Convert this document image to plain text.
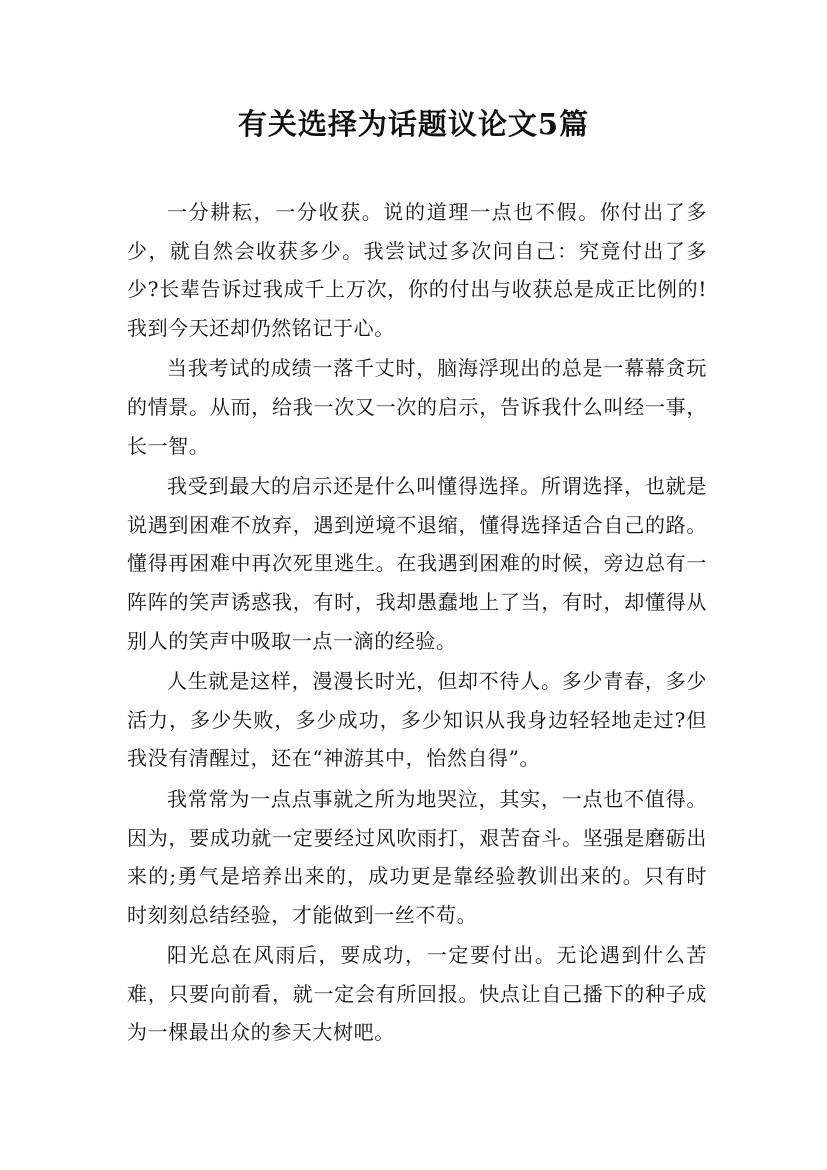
有关选择为话题议论文5篇

一分耕耘，一分收获。说的道理一点也不假。你付出了多少，就自然会收获多少。我尝试过多次问自己：究竟付出了多少?长辈告诉过我成千上万次，你的付出与收获总是成正比例的!我到今天还却仍然铭记于心。

当我考试的成绩一落千丈时，脑海浮现出的总是一幕幕贪玩的情景。从而，给我一次又一次的启示，告诉我什么叫经一事，长一智。

我受到最大的启示还是什么叫懂得选择。所谓选择，也就是说遇到困难不放弃，遇到逆境不退缩，懂得选择适合自己的路。懂得再困难中再次死里逃生。在我遇到困难的时候，旁边总有一阵阵的笑声诱惑我，有时，我却愚蠢地上了当，有时，却懂得从别人的笑声中吸取一点一滴的经验。

人生就是这样，漫漫长时光，但却不待人。多少青春，多少活力，多少失败，多少成功，多少知识从我身边轻轻地走过?但我没有清醒过，还在“神游其中，怡然自得”。

我常常为一点点事就之所为地哭泣，其实，一点也不值得。因为，要成功就一定要经过风吹雨打，艰苦奋斗。坚强是磨砺出来的;勇气是培养出来的，成功更是靠经验教训出来的。只有时时刻刻总结经验，才能做到一丝不苟。

阳光总在风雨后，要成功，一定要付出。无论遇到什么苦难，只要向前看，就一定会有所回报。快点让自己播下的种子成为一棵最出众的参天大树吧。
